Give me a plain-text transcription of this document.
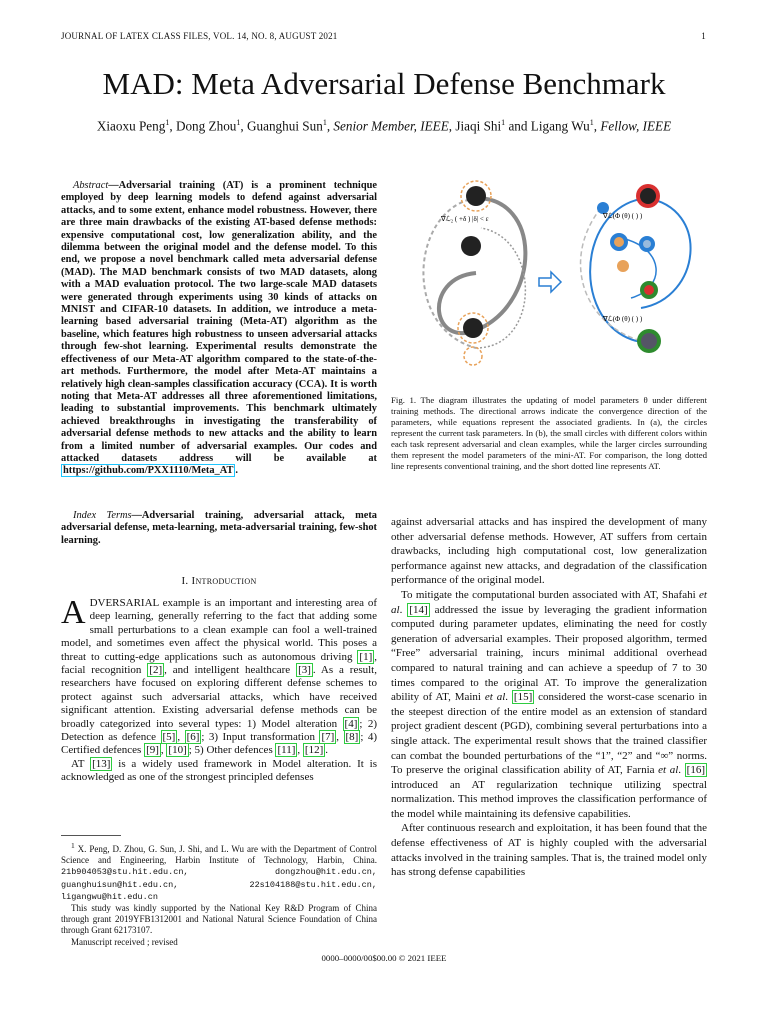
JOURNAL OF LATEX CLASS FILES, VOL. 14, NO. 8, AUGUST 2021	1
MAD: Meta Adversarial Defense Benchmark
Xiaoxu Peng$^1$, Dong Zhou$^1$, Guanghui Sun$^1$, Senior Member, IEEE, Jiaqi Shi$^1$ and Ligang Wu$^1$, Fellow, IEEE
Abstract—Adversarial training (AT) is a prominent technique employed by deep learning models to defend against adversarial attacks, and to some extent, enhance model robustness. However, there are three main drawbacks of the existing AT-based defense methods: expensive computational cost, low generalization ability, and the dilemma between the original model and the defense model. To this end, we propose a novel benchmark called meta adversarial defense (MAD). The MAD benchmark consists of two MAD datasets, along with a MAD evaluation protocol. The two large-scale MAD datasets were generated through experiments using 30 kinds of attacks on MNIST and CIFAR-10 datasets. In addition, we introduce a meta-learning based adversarial training (Meta-AT) algorithm as the baseline, which features high robustness to unseen adversarial attacks through few-shot learning. Experimental results demonstrate the effectiveness of our Meta-AT algorithm compared to the state-of-the-art methods. Furthermore, the model after Meta-AT maintains a relatively high clean-samples classification accuracy (CCA). It is worth noting that Meta-AT addresses all three aforementioned limitations, leading to substantial improvements. This benchmark ultimately achieved breakthroughs in investigating the transferability of adversarial defense methods to new attacks and the ability to learn from a limited number of adversarial examples. Our codes and attacked datasets address will be available at https://github.com/PXX1110/Meta_AT .
Index Terms—Adversarial training, adversarial attack, meta adversarial defense, meta-learning, meta-adversarial training, few-shot learning.
I. Introduction

ADVERSARIAL example is an important and interesting area of deep learning, generally referring to the fact that adding some small perturbations to a clean example can fool a well-trained model, and sometimes even affect the physical world. This poses a threat to cutting-edge applications such as autonomous driving [1] , facial recognition [2] , and intelligent healthcare [3] . As a result, researchers have focused on exploring different defense schemes to protect against such adversarial attacks, which have received significant attention. Existing adversarial defense methods can be broadly categorized into several types: 1) Model alteration [4] ; 2) Detection as defence [5] , [6] ; 3) Input transformation [7] , [8] ; 4) Certified defences [9] , [10] ; 5) Other defences [11] , [12] .

AT [13] is a widely used framework in Model alteration. It is acknowledged as one of the strongest principled defenses

$^1$ X. Peng, D. Zhou, G. Sun, J. Shi, and L. Wu are with the Department of Control Science and Engineering, Harbin Institute of Technology, Harbin, China. 21b904053@stu.hit.edu.cn, dongzhou@hit.edu.cn, guanghuisun@hit.edu.cn, 22s104188@stu.hit.edu.cn, ligangwu@hit.edu.cn

This study was kindly supported by the National Key R&D Program of China through grant 2019YFB1312001 and National Natural Science Foundation of China through Grant 62173107.

Manuscript received ; revised

∇ℒ₂ ( +δ ) |δ| < ε	∇ℒ(Φ (θ) ( ) )
∇ℒ(Φ (θ) ( ) )
Fig. 1. The diagram illustrates the updating of model parameters θ under different training methods. The directional arrows indicate the convergence direction of the parameters, while equations represent the associated gradients. In (a), the circles represent the current task parameters. In (b), the small circles with different colors within each task represent adversarial and clean examples, while the larger circles surrounding them represent the model parameters of the mini-AT. For comparison, the long dotted line represents conventional training, and the short dotted line represents AT.

against adversarial attacks and has inspired the development of many other adversarial defense methods. However, AT suffers from certain drawbacks, including high computational cost, low generalization performance against new attacks, and degradation of the classification performance of the original model.

To mitigate the computational burden associated with AT, Shafahi et al. [14] addressed the issue by leveraging the gradient information computed during parameter updates, eliminating the need for costly generation of adversarial examples. Their proposed algorithm, termed “Free” adversarial training, incurs minimal additional overhead compared to natural training and can achieve a speedup of 7 to 30 times compared to the original AT. To improve the generalization ability of AT, Maini et al. [15] considered the worst-case scenario in the steepest direction of the entire model as an extension of standard project gradient descent (PGD), combining several perturbations into a single attack. The experimental result shows that the trained classifier can combat the bounded perturbations of the “1”, “2” and “∞” norms. To preserve the original classification ability of AT, Farnia et al. [16] introduced an AT regularization technique utilizing spectral normalization. This method improves the classification performance of the model while maintaining its defensive capabilities.

After continuous research and exploitation, it has been found that the defense effectiveness of AT is highly coupled with the adversarial attacks involved in the training samples. That is, the trained model only has strong defense capabilities

0000–0000/00$00.00 © 2021 IEEE
